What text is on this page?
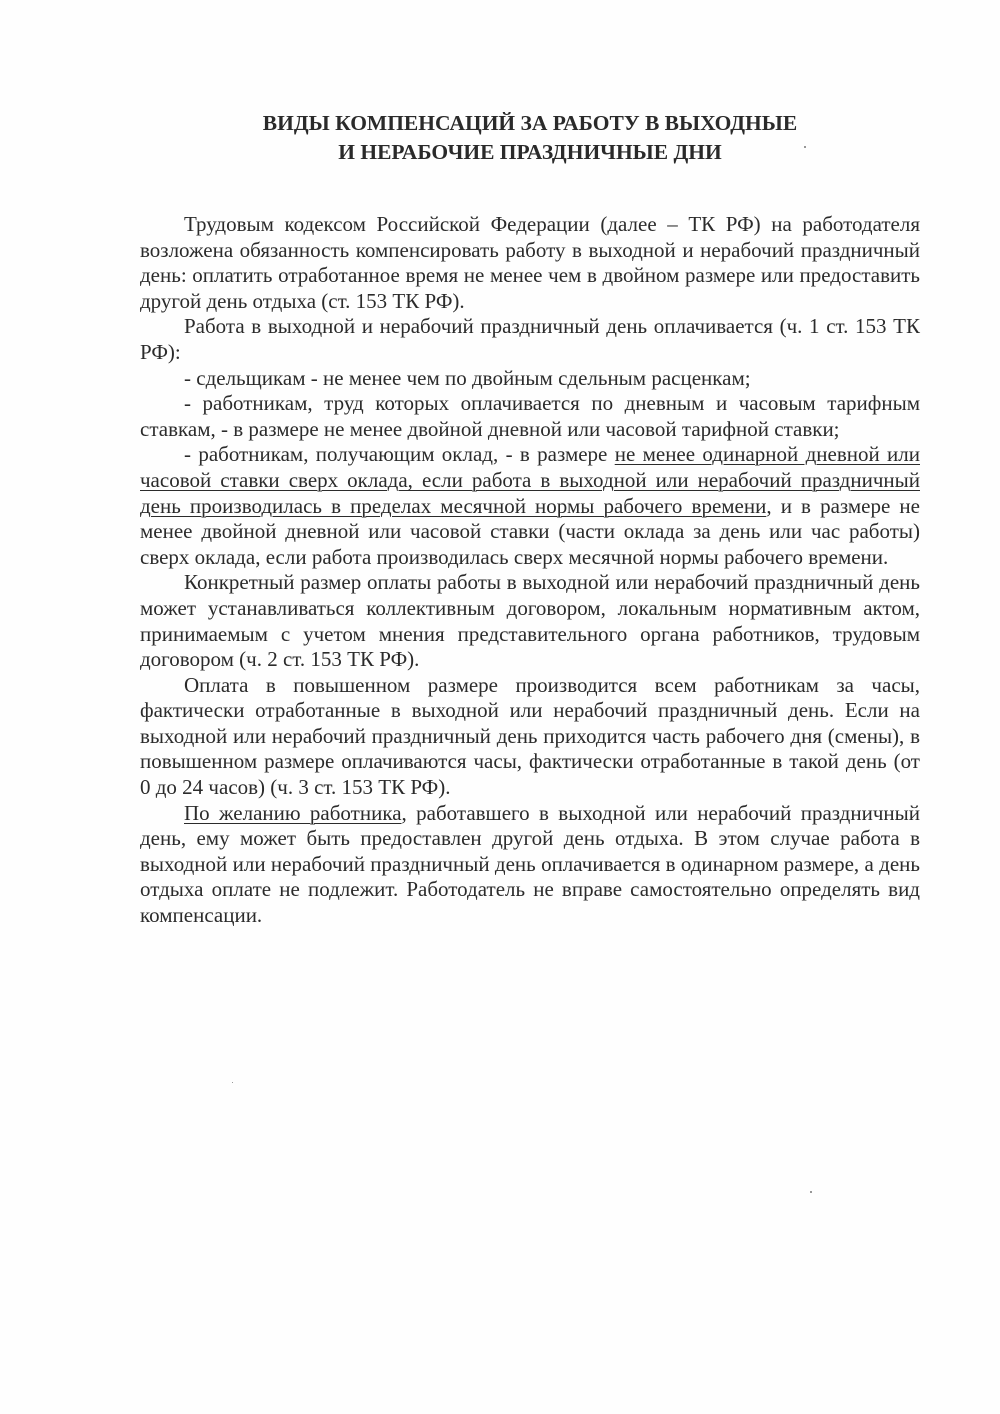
ВИДЫ КОМПЕНСАЦИЙ ЗА РАБОТУ В ВЫХОДНЫЕ
И НЕРАБОЧИЕ ПРАЗДНИЧНЫЕ ДНИ

Трудовым кодексом Российской Федерации (далее – ТК РФ) на работодателя возложена обязанность компенсировать работу в выходной и нерабочий праздничный день: оплатить отработанное время не менее чем в двойном размере или предоставить другой день отдыха (ст. 153 ТК РФ).

Работа в выходной и нерабочий праздничный день оплачивается (ч. 1 ст. 153 ТК РФ):

- сдельщикам - не менее чем по двойным сдельным расценкам;

- работникам, труд которых оплачивается по дневным и часовым тарифным ставкам, - в размере не менее двойной дневной или часовой тарифной ставки;

- работникам, получающим оклад, - в размере не менее одинарной дневной или часовой ставки сверх оклада, если работа в выходной или нерабочий праздничный день производилась в пределах месячной нормы рабочего времени, и в размере не менее двойной дневной или часовой ставки (части оклада за день или час работы) сверх оклада, если работа производилась сверх месячной нормы рабочего времени.

Конкретный размер оплаты работы в выходной или нерабочий праздничный день может устанавливаться коллективным договором, локальным нормативным актом, принимаемым с учетом мнения представительного органа работников, трудовым договором (ч. 2 ст. 153 ТК РФ).

Оплата в повышенном размере производится всем работникам за часы, фактически отработанные в выходной или нерабочий праздничный день. Если на выходной или нерабочий праздничный день приходится часть рабочего дня (смены), в повышенном размере оплачиваются часы, фактически отработанные в такой день (от 0 до 24 часов) (ч. 3 ст. 153 ТК РФ).

По желанию работника, работавшего в выходной или нерабочий праздничный день, ему может быть предоставлен другой день отдыха. В этом случае работа в выходной или нерабочий праздничный день оплачивается в одинарном размере, а день отдыха оплате не подлежит. Работодатель не вправе самостоятельно определять вид компенсации.
